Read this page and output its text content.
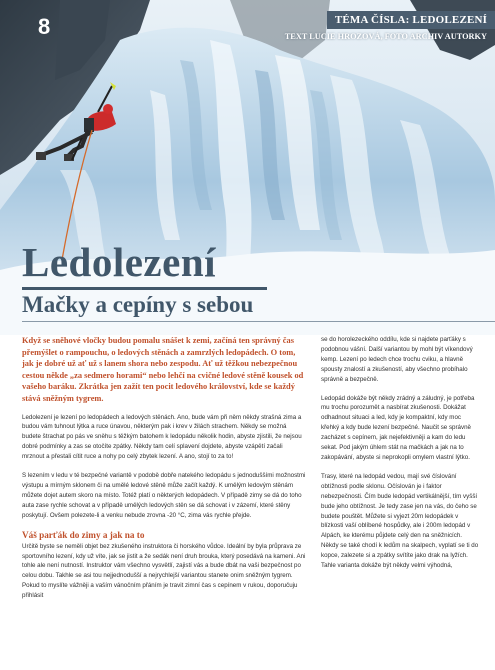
8	TÉMA ČÍSLA: LEDOLEZENÍ
TEXT LUCIE HROZOVÁ, FOTO ARCHIV AUTORKY
Ledolezení
Mačky a cepíny s sebou

Když se sněhové vločky budou pomalu snášet k zemi, začíná ten správný čas přemýšlet o rampouchu, o ledových stěnách a zamrzlých ledopádech. O tom, jak je dobré už ať už s lanem shora nebo zespodu. Ať už těžkou nebezpečnou cestou někde „za sedmero horami“ nebo lehčí na cvičné ledové stěně kousek od vašeho baráku. Zkrátka jen zažít ten pocit ledového království, kde se každý stává sněžným tygrem.

Ledolezení je lezení po ledopádech a ledových stěnách. Ano, bude vám při něm někdy strašná zima a budou vám tuhnout lýtka a ruce únavou, některým pak i krev v žilách strachem. Někdy se možná budete štrachat po pás ve sněhu s těžkým batohem k ledopádu několik hodin, abyste zjistili, že nejsou dobré podmínky a zas se otočíte zpátky. Někdy tam celí splavení dojdete, abyste vzápětí začali mrznout a přestali cítit ruce a nohy po celý zbytek lezení. A ano, stojí to za to!

S lezením v ledu v té bezpečné variantě v podobě dobře natekého ledopádu s jednoduššími možnostmi výstupu a mírným sklonem či na umělé ledové stěně může začít každý. K umělým ledovým stěnám můžete dojet autem skoro na místo. Totéž platí o některých ledopádech. V případě zimy se dá do toho auta zase rychle schovat a v případě umělých ledových stěn se dá schovat i v zázemí, které stěny poskytují. Ovšem polezete-li a venku nebude zrovna -20 °C, zima vás rychle přejde.

Váš parťák do zimy a jak na to

Určitě byste se neměli objet bez zkušeného instruktora či horského vůdce. Ideální by byla průprava ze sportovního lezení, kdy už víte, jak se jistit a že sedák není druh brouka, který posedává na kameni. Ani tohle ale není nutností. Instruktor vám všechno vysvětlí, zajistí vás a bude dbát na vaši bezpečnost po celou dobu. Takhle se asi tou nejjednodušší a nejrychlejší variantou stanete onim sněžným tygrem. Pokud to myslíte vážněji a vaším vánočním přáním je travit zimní čas s cepínem v rukou, doporučuju přihlásit

se do horolezeckého oddílu, kde si najdete parťáky s podobnou vášní. Další variantou by mohl být víkendový kemp. Lezení po ledech chce trochu cviku, a hlavně spousty znalostí a zkušeností, aby všechno probíhalo správně a bezpečně.

Ledopád dokáže být někdy zrádný a záludný, je potřeba mu trochu porozumět a nasbírat zkušenosti. Dokážat odhadnout situaci a led, kdy je kompaktní, kdy moc křehký a kdy bude lezení bezpečné. Naučit se správně zacházet s cepínem, jak nejefektivněji a kam do ledu sekat. Pod jakým úhlem stát na mačkách a jak na to zakopávání, abyste si neprokopli omylem vlastní lýtko.

Trasy, které na ledopád vedou, mají své číslování obtížnosti podle sklonu. Očíslován je i faktor nebezpečnosti. Čím bude ledopád vertikálnější, tím vyšší bude jeho obtížnost. Je tedy zase jen na vás, do čeho se budete pouštět. Můžete si vyjezt 20m ledopádek v blízkosti vaší oblíbené hospůdky, ale i 200m ledopád v Alpách, ke kterému půjdete celý den na sněžnicích. Někdy se také chodí k ledům na skalpech, vyplatí se ti do kopce, zalezete si a zpátky svítíte jako drak na lyžích. Tahle varianta dokáže být někdy velmi výhodná,
